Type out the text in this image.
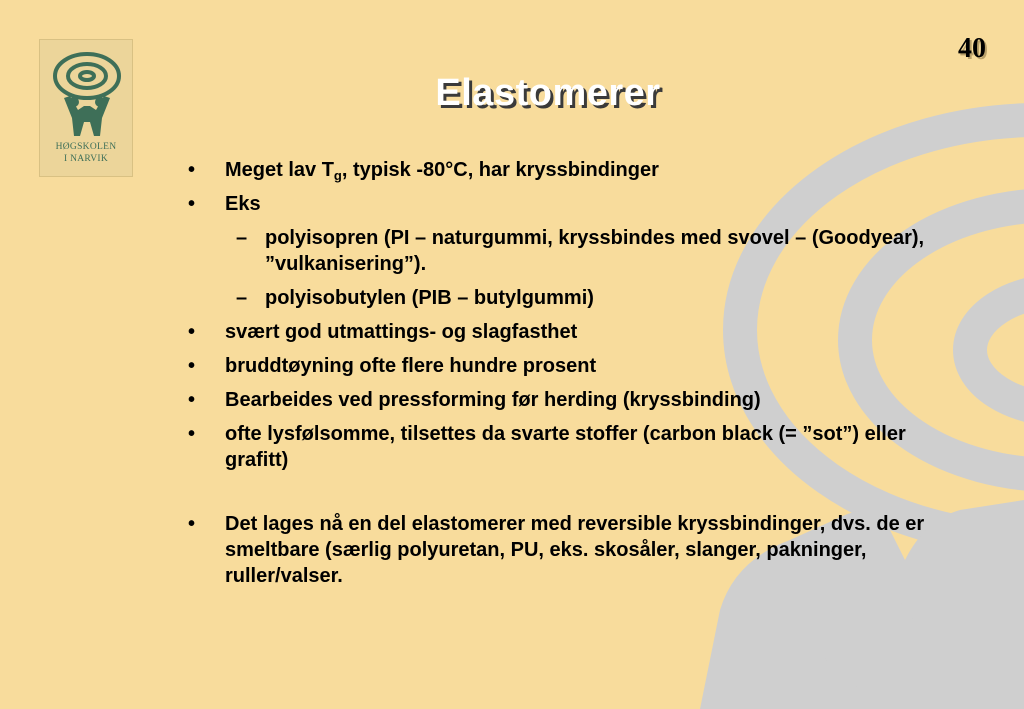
HØGSKOLEN
I NARVIK
40
Elastomerer
• Meget lav $T_g$, typisk -80°C, har kryssbindinger
• Eks
– polyisopren (PI – naturgummi, kryssbindes med svovel – (Goodyear), ”vulkanisering”).
– polyisobutylen (PIB – butylgummi)
• svært god utmattings- og slagfasthet
• bruddtøyning ofte flere hundre prosent
• Bearbeides ved pressforming før herding (kryssbinding)
• ofte lysfølsomme, tilsettes da svarte stoffer (carbon black (= ”sot”) eller grafitt)
• Det lages nå en del elastomerer med reversible kryssbindinger, dvs. de er smeltbare (særlig polyuretan, PU, eks. skosåler, slanger, pakninger, ruller/valser.
